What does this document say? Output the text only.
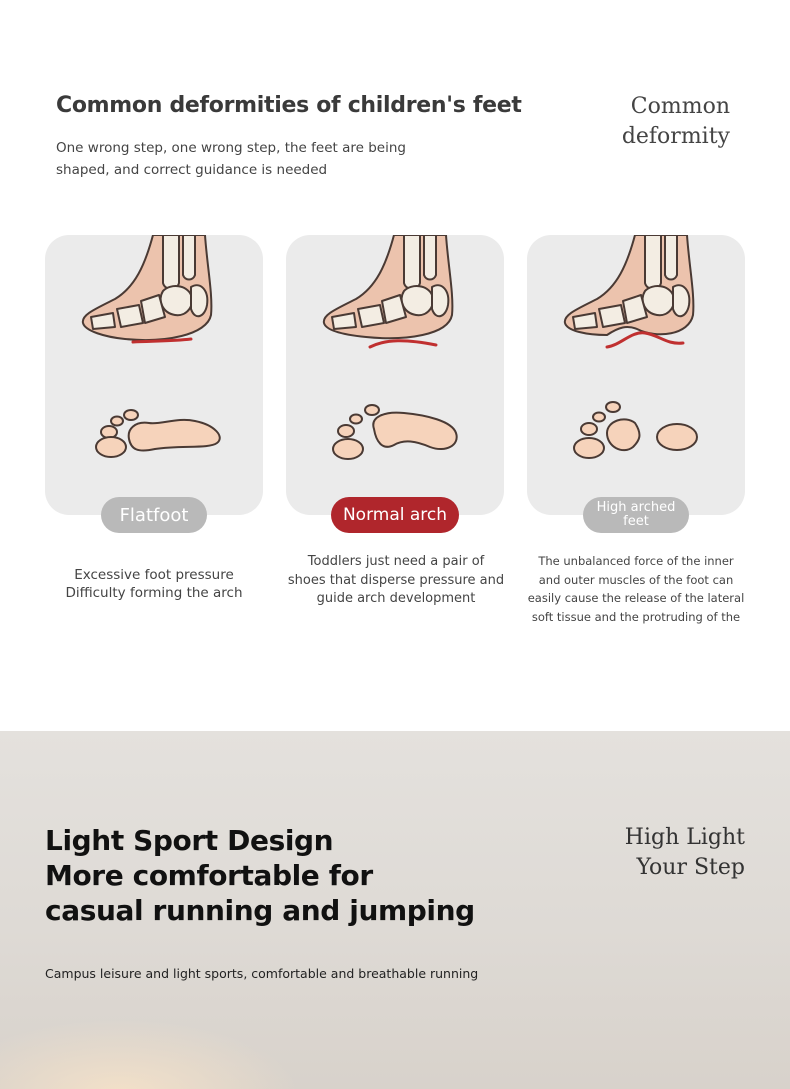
Common deformities of children's feet

One wrong step, one wrong step, the feet are being shaped, and correct guidance is needed

Common
deformity
Flatfoot
Excessive foot pressure
Difficulty forming the arch
Normal arch
Toddlers just need a pair of
shoes that disperse pressure and
guide arch development
High arched
feet
The unbalanced force of the inner
and outer muscles of the foot can
easily cause the release of the lateral
soft tissue and the protruding of the
Light Sport Design
More comfortable for
casual running and jumping
Campus leisure and light sports, comfortable and breathable running
High Light
Your Step
